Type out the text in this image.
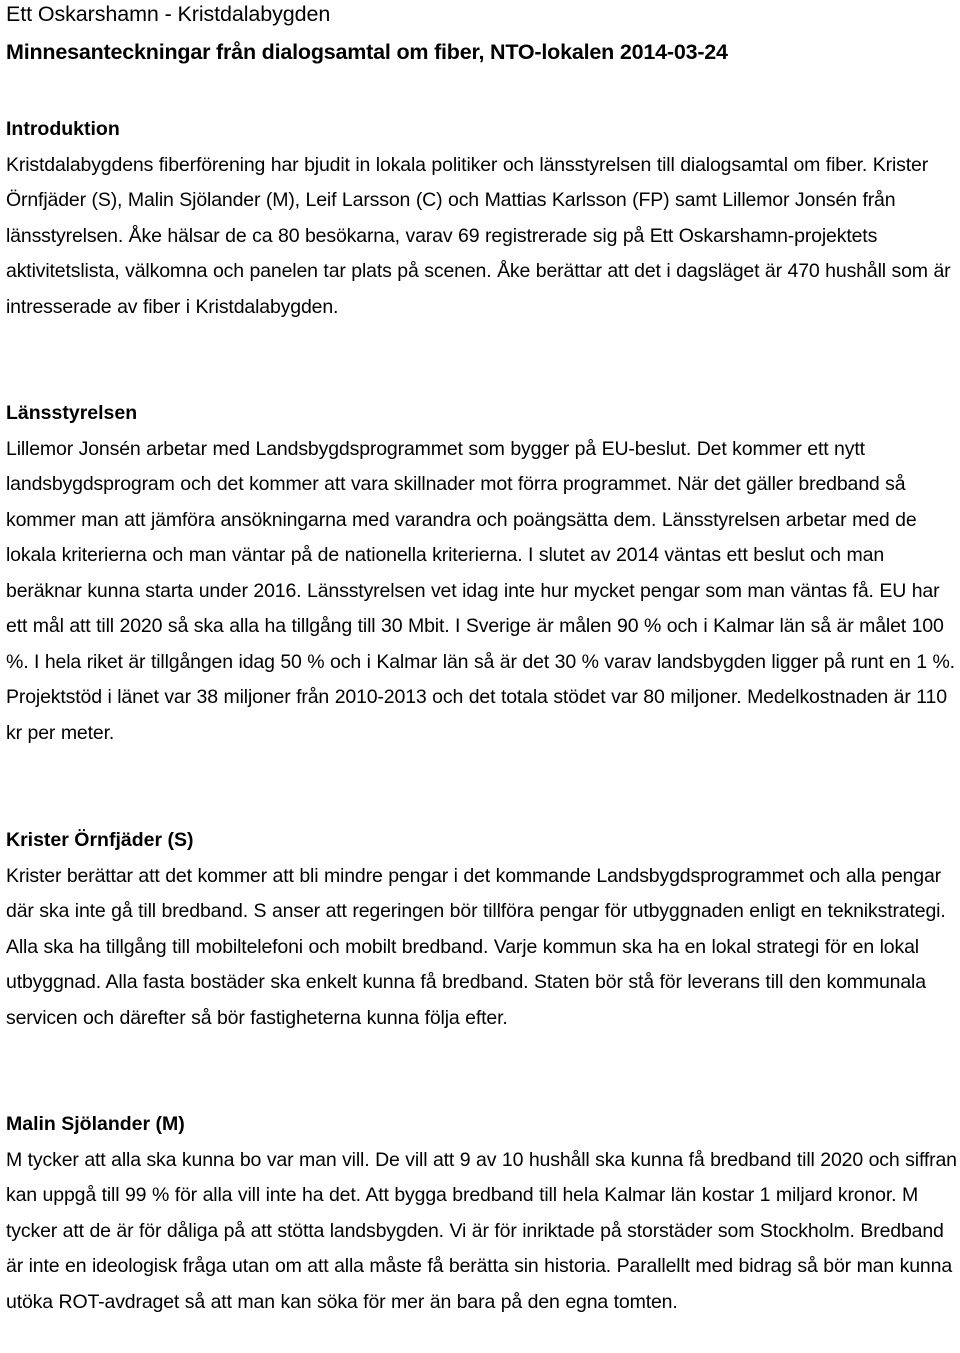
Ett Oskarshamn - Kristdalabygden
Minnesanteckningar från dialogsamtal om fiber, NTO-lokalen 2014-03-24
Introduktion

Kristdalabygdens fiberförening har bjudit in lokala politiker och länsstyrelsen till dialogsamtal om fiber. Krister Örnfjäder (S), Malin Sjölander (M), Leif Larsson (C) och Mattias Karlsson (FP) samt Lillemor Jonsén från länsstyrelsen. Åke hälsar de ca 80 besökarna, varav 69 registrerade sig på Ett Oskarshamn-projektets aktivitetslista, välkomna och panelen tar plats på scenen. Åke berättar att det i dagsläget är 470 hushåll som är intresserade av fiber i Kristdalabygden.

Länsstyrelsen

Lillemor Jonsén arbetar med Landsbygdsprogrammet som bygger på EU-beslut. Det kommer ett nytt landsbygdsprogram och det kommer att vara skillnader mot förra programmet. När det gäller bredband så kommer man att jämföra ansökningarna med varandra och poängsätta dem. Länsstyrelsen arbetar med de lokala kriterierna och man väntar på de nationella kriterierna. I slutet av 2014 väntas ett beslut och man beräknar kunna starta under 2016. Länsstyrelsen vet idag inte hur mycket pengar som man väntas få. EU har ett mål att till 2020 så ska alla ha tillgång till 30 Mbit. I Sverige är målen 90 % och i Kalmar län så är målet 100 %. I hela riket är tillgången idag 50 % och i Kalmar län så är det 30 % varav landsbygden ligger på runt en 1 %. Projektstöd i länet var 38 miljoner från 2010-2013 och det totala stödet var 80 miljoner. Medelkostnaden är 110 kr per meter.

Krister Örnfjäder (S)

Krister berättar att det kommer att bli mindre pengar i det kommande Landsbygdsprogrammet och alla pengar där ska inte gå till bredband. S anser att regeringen bör tillföra pengar för utbyggnaden enligt en teknikstrategi. Alla ska ha tillgång till mobiltelefoni och mobilt bredband. Varje kommun ska ha en lokal strategi för en lokal utbyggnad. Alla fasta bostäder ska enkelt kunna få bredband. Staten bör stå för leverans till den kommunala servicen och därefter så bör fastigheterna kunna följa efter.

Malin Sjölander (M)

M tycker att alla ska kunna bo var man vill. De vill att 9 av 10 hushåll ska kunna få bredband till 2020 och siffran kan uppgå till 99 % för alla vill inte ha det. Att bygga bredband till hela Kalmar län kostar 1 miljard kronor. M tycker att de är för dåliga på att stötta landsbygden. Vi är för inriktade på storstäder som Stockholm. Bredband är inte en ideologisk fråga utan om att alla måste få berätta sin historia. Parallellt med bidrag så bör man kunna utöka ROT-avdraget så att man kan söka för mer än bara på den egna tomten.
